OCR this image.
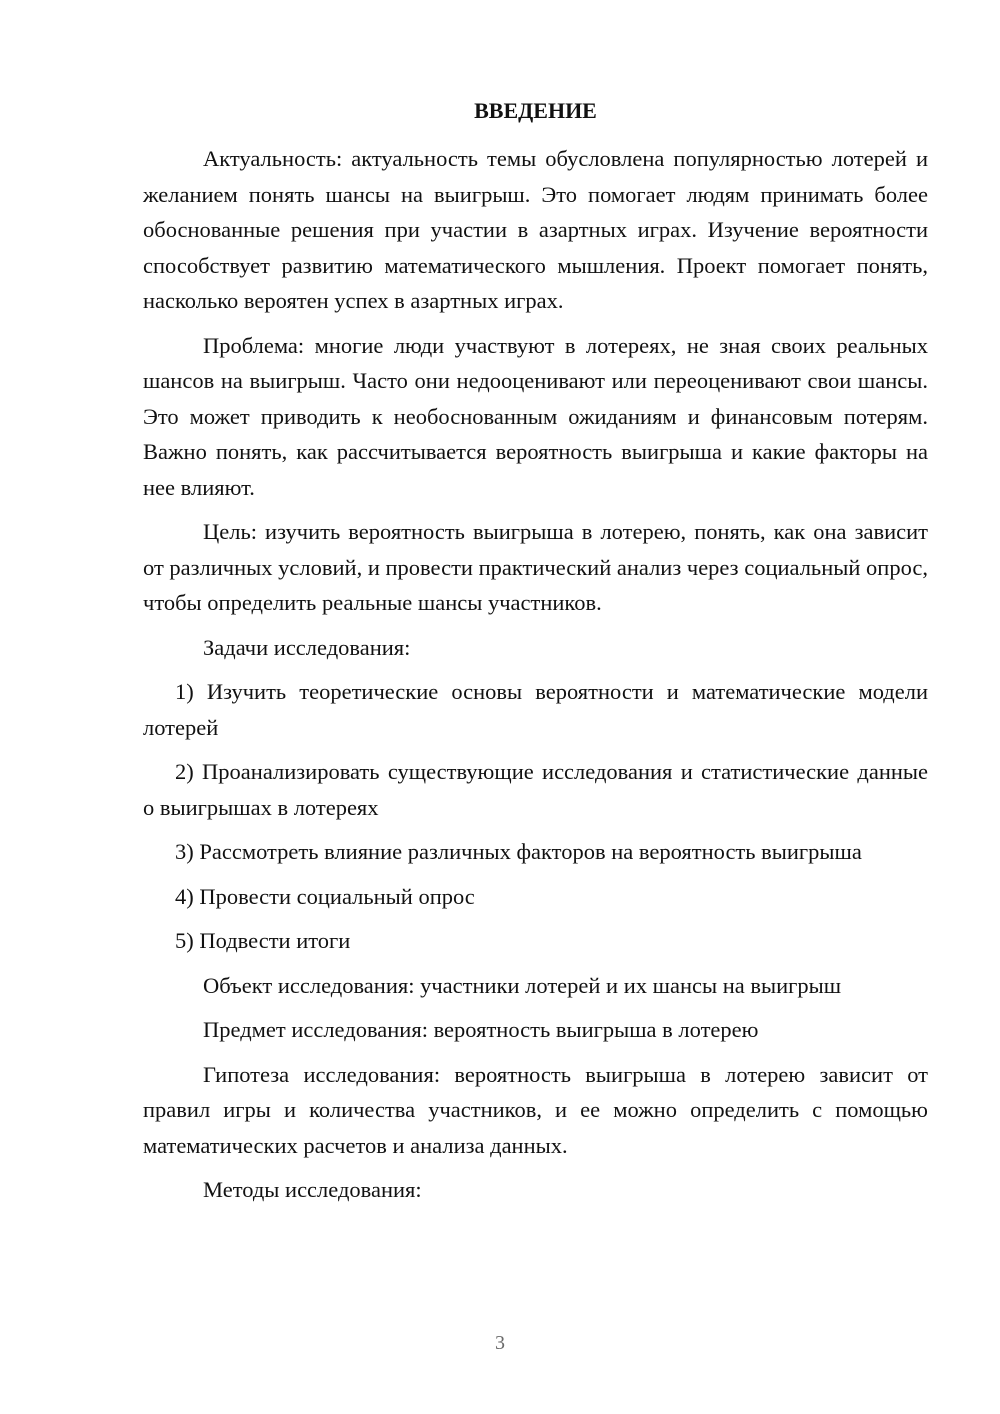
ВВЕДЕНИЕ

Актуальность: актуальность темы обусловлена популярностью лотерей и желанием понять шансы на выигрыш. Это помогает людям принимать более обоснованные решения при участии в азартных играх. Изучение вероятности способствует развитию математического мышления. Проект помогает понять, насколько вероятен успех в азартных играх.

Проблема: многие люди участвуют в лотереях, не зная своих реальных шансов на выигрыш. Часто они недооценивают или переоценивают свои шансы. Это может приводить к необоснованным ожиданиям и финансовым потерям. Важно понять, как рассчитывается вероятность выигрыша и какие факторы на нее влияют.

Цель: изучить вероятность выигрыша в лотерею, понять, как она зависит от различных условий, и провести практический анализ через социальный опрос, чтобы определить реальные шансы участников.

Задачи исследования:

1) Изучить теоретические основы вероятности и математические модели лотерей

2) Проанализировать существующие исследования и статистические данные о выигрышах в лотереях

3) Рассмотреть влияние различных факторов на вероятность выигрыша

4) Провести социальный опрос

5) Подвести итоги

Объект исследования: участники лотерей и их шансы на выигрыш

Предмет исследования: вероятность выигрыша в лотерею

Гипотеза исследования: вероятность выигрыша в лотерею зависит от правил игры и количества участников, и ее можно определить с помощью математических расчетов и анализа данных.

Методы исследования:

3
